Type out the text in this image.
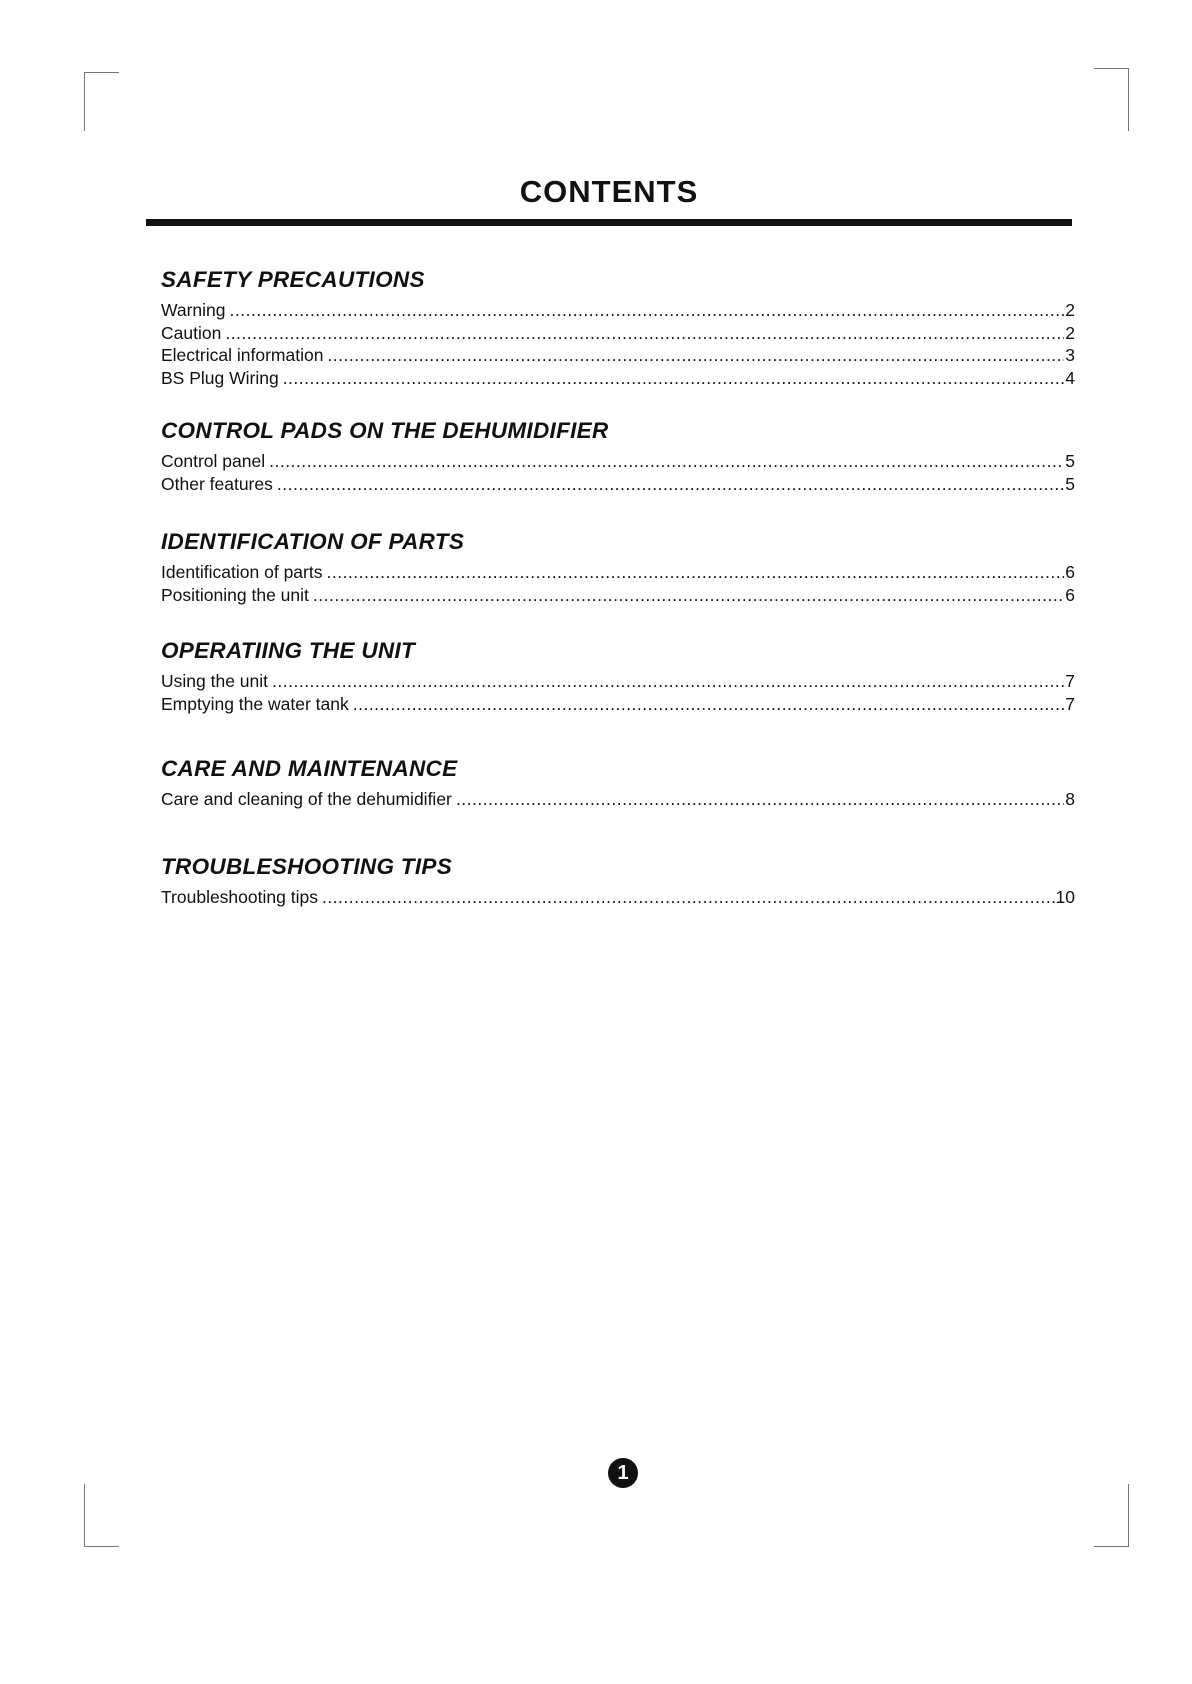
CONTENTS
SAFETY PRECAUTIONS
Warning .....	2
Caution .....	2
Electrical information .....	3
BS Plug Wiring .....	4
CONTROL PADS ON THE DEHUMIDIFIER
Control panel .....	5
Other features .....	5
IDENTIFICATION OF PARTS
Identification of parts .....	6
Positioning the unit .....	6
OPERATIING THE UNIT
Using the unit .....	7
Emptying the water tank .....	7
CARE AND MAINTENANCE
Care and cleaning of the dehumidifier .....	8
TROUBLESHOOTING TIPS
Troubleshooting tips .....	10
1
